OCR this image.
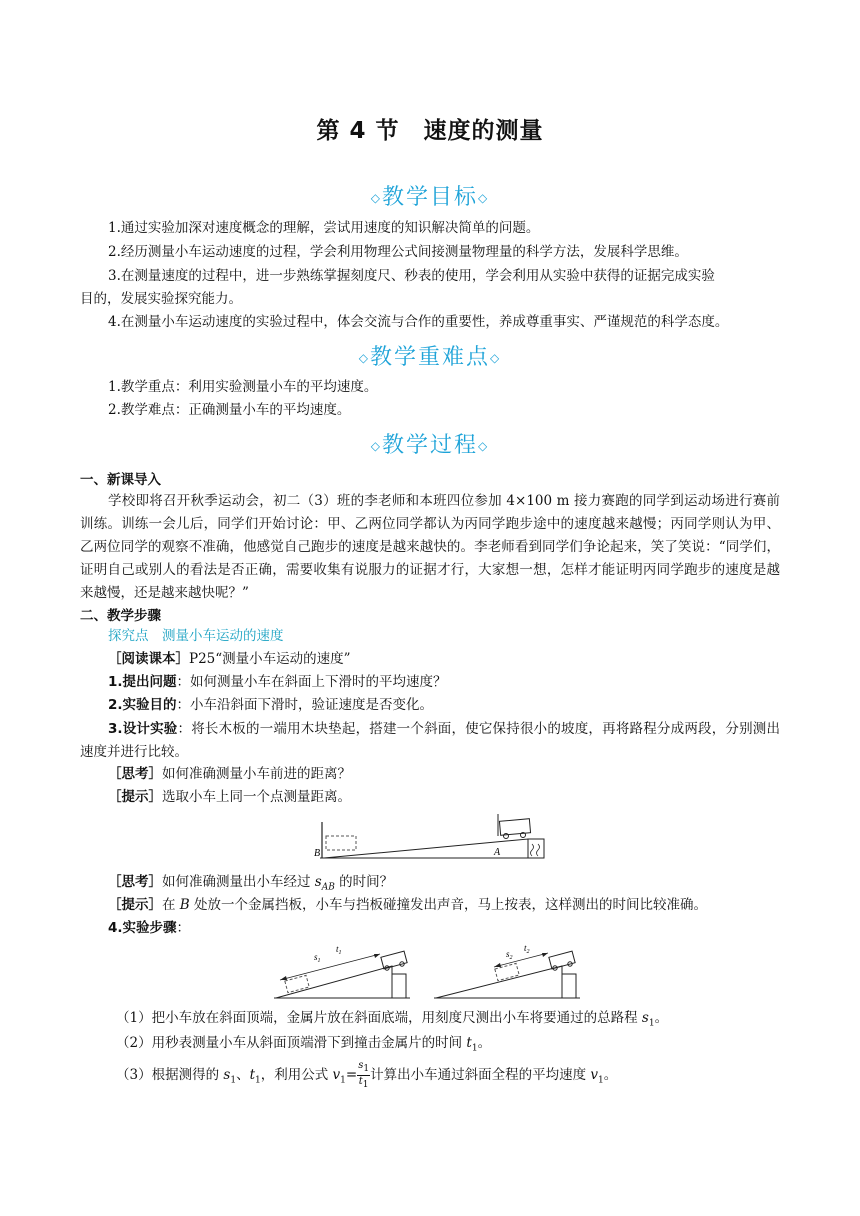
第 4 节　速度的测量
◇教学目标◇
1.通过实验加深对速度概念的理解，尝试用速度的知识解决简单的问题。
2.经历测量小车运动速度的过程，学会利用物理公式间接测量物理量的科学方法，发展科学思维。
3.在测量速度的过程中，进一步熟练掌握刻度尺、秒表的使用，学会利用从实验中获得的证据完成实验
目的，发展实验探究能力。
4.在测量小车运动速度的实验过程中，体会交流与合作的重要性，养成尊重事实、严谨规范的科学态度。
◇教学重难点◇
1.教学重点：利用实验测量小车的平均速度。
2.教学难点：正确测量小车的平均速度。
◇教学过程◇
一、新课导入
学校即将召开秋季运动会，初二（3）班的李老师和本班四位参加 4×100 m 接力赛跑的同学到运动场进行赛前训练。训练一会儿后，同学们开始讨论：甲、乙两位同学都认为丙同学跑步途中的速度越来越慢；丙同学则认为甲、乙两位同学的观察不准确，他感觉自己跑步的速度是越来越快的。李老师看到同学们争论起来，笑了笑说：“同学们，证明自己或别人的看法是否正确，需要收集有说服力的证据才行，大家想一想，怎样才能证明丙同学跑步的速度是越来越慢，还是越来越快呢？”
二、教学步骤
探究点　测量小车运动的速度
［阅读课本］P25“测量小车运动的速度”
1.提出问题：如何测量小车在斜面上下滑时的平均速度？
2.实验目的：小车沿斜面下滑时，验证速度是否变化。
3.设计实验：将长木板的一端用木块垫起，搭建一个斜面，使它保持很小的坡度，再将路程分成两段，分别测出速度并进行比较。
［思考］如何准确测量小车前进的距离？
［提示］选取小车上同一个点测量距离。
B	A
［思考］如何准确测量出小车经过 $s_{AB}$ 的时间？
［提示］在 B 处放一个金属挡板，小车与挡板碰撞发出声音，马上按表，这样测出的时间比较准确。
4.实验步骤：
$s_1$
$t_1$	$s_2$
$t_2$
（1）把小车放在斜面顶端，金属片放在斜面底端，用刻度尺测出小车将要通过的总路程 $s_1$。
（2）用秒表测量小车从斜面顶端滑下到撞击金属片的时间 $t_1$。
（3）根据测得的 $s_1$、$t_1$，利用公式 $v_1= \frac{s_1}{t_1}$ 计算出小车通过斜面全程的平均速度 $v_1$。
